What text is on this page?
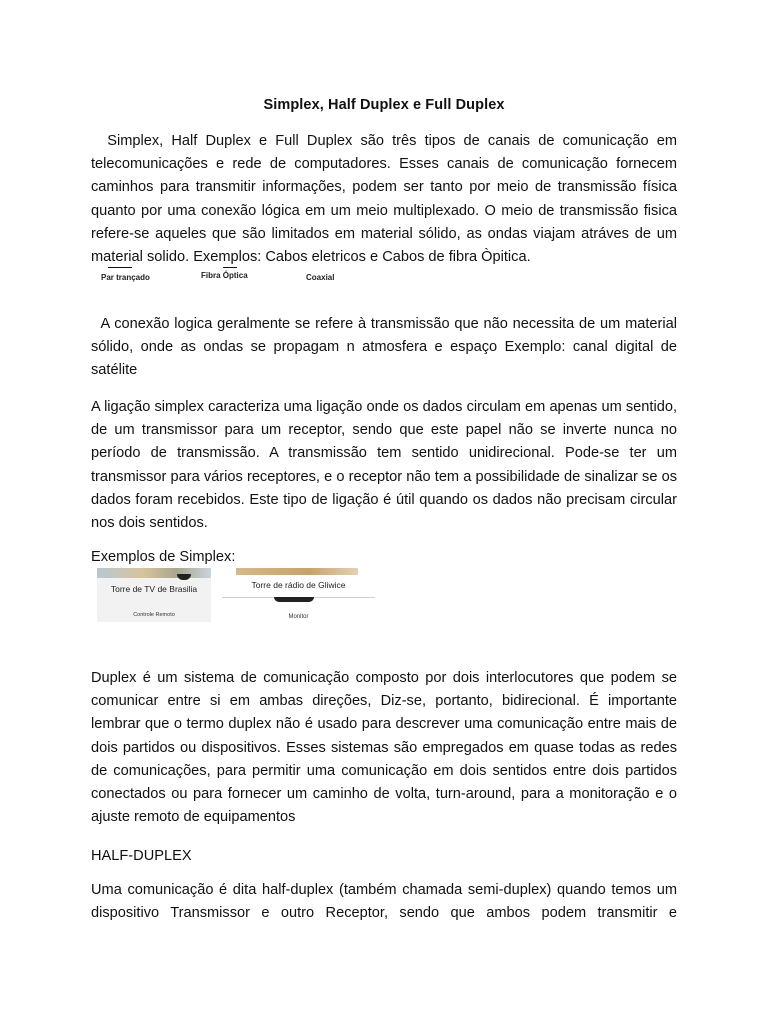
Simplex, Half Duplex e Full Duplex

Simplex, Half Duplex e Full Duplex são três tipos de canais de comunicação em telecomunicações e rede de computadores. Esses canais de comunicação fornecem caminhos para transmitir informações, podem ser tanto por meio de transmissão física quanto por uma conexão lógica em um meio multiplexado. O meio de transmissão fisica refere-se aqueles que são limitados em material sólido, as ondas viajam atráves de um material solido. Exemplos: Cabos eletricos e Cabos de fibra Òpitica.

Par trançado	Fibra Óptica	Coaxial

A conexão logica geralmente se refere à transmissão que não necessita de um material sólido, onde as ondas se propagam n atmosfera e espaço Exemplo: canal digital de satélite

A ligação simplex caracteriza uma ligação onde os dados circulam em apenas um sentido, de um transmissor para um receptor, sendo que este papel não se inverte nunca no período de transmissão. A transmissão tem sentido unidirecional. Pode-se ter um transmissor para vários receptores, e o receptor não tem a possibilidade de sinalizar se os dados foram recebidos. Este tipo de ligação é útil quando os dados não precisam circular nos dois sentidos.

Exemplos de Simplex:

Torre de TV de Brasilia
Controle Remoto
Torre de rádio de Gliwice
Monitor

Duplex é um sistema de comunicação composto por dois interlocutores que podem se comunicar entre si em ambas direções, Diz-se, portanto, bidirecional. É importante lembrar que o termo duplex não é usado para descrever uma comunicação entre mais de dois partidos ou dispositivos. Esses sistemas são empregados em quase todas as redes de comunicações, para permitir uma comunicação em dois sentidos entre dois partidos conectados ou para fornecer um caminho de volta, turn-around, para a monitoração e o ajuste remoto de equipamentos

HALF-DUPLEX

Uma comunicação é dita half-duplex (também chamada semi-duplex) quando temos um dispositivo Transmissor e outro Receptor, sendo que ambos podem transmitir e
